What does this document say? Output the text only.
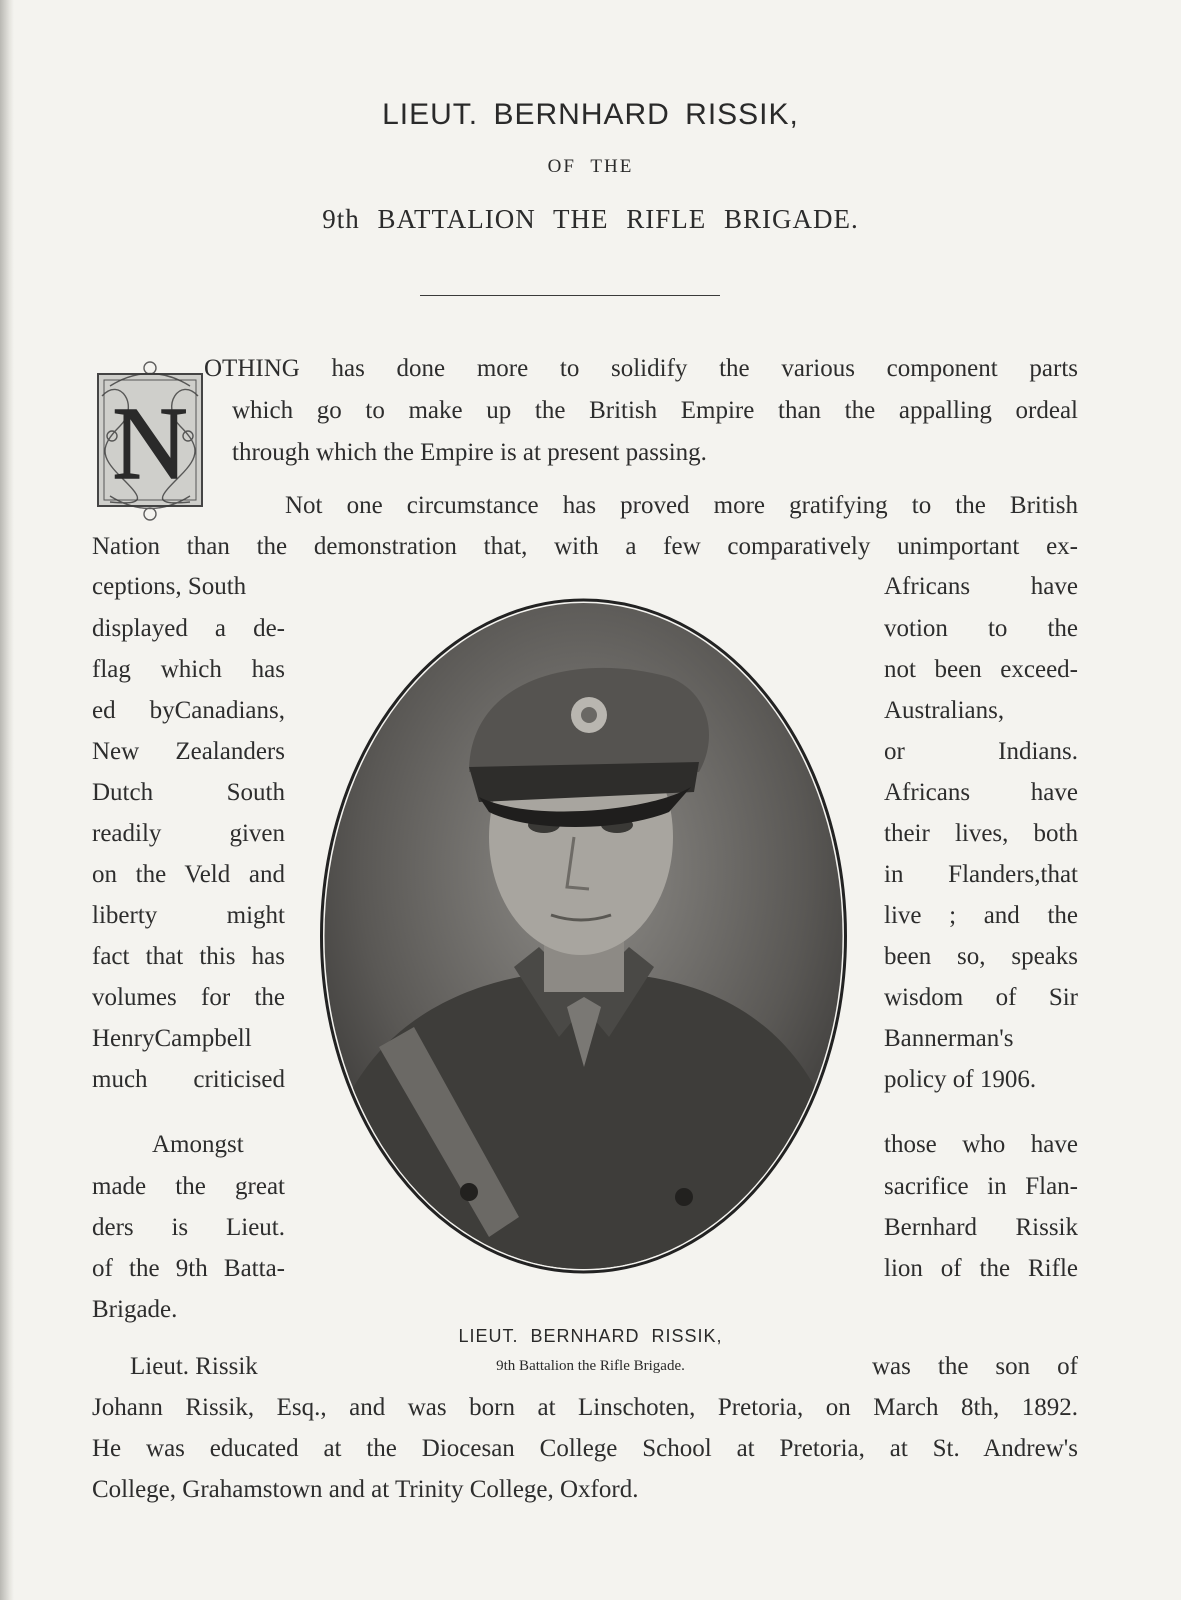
LIEUT. BERNHARD RISSIK,
OF THE
9th BATTALION THE RIFLE BRIGADE.
N
OTHING has done more to solidify the various component parts
which go to make up the British Empire than the appalling ordeal
through which the Empire is at present passing.
Not one circumstance has proved more gratifying to the British
Nation than the demonstration that, with a few comparatively unimportant ex-
ceptions, South
displayed a de-
flag which has
ed byCanadians,
New Zealanders
Dutch South
readily given
on the Veld and
liberty might
fact that this has
volumes for the
HenryCampbell
much criticised
Africans have
votion to the
not been exceed-
Australians,
or Indians.
Africans have
their lives, both
in Flanders,that
live ; and the
been so, speaks
wisdom of Sir
Bannerman's
policy of 1906.
Amongst
made the great
ders is Lieut.
of the 9th Batta-
Brigade.
those who have
sacrifice in Flan-
Bernhard Rissik
lion of the Rifle
LIEUT. BERNHARD RISSIK,
9th Battalion the Rifle Brigade.
Lieut. Rissik	was the son of
Johann Rissik, Esq., and was born at Linschoten, Pretoria, on March 8th, 1892.
He was educated at the Diocesan College School at Pretoria, at St. Andrew's
College, Grahamstown and at Trinity College, Oxford.
